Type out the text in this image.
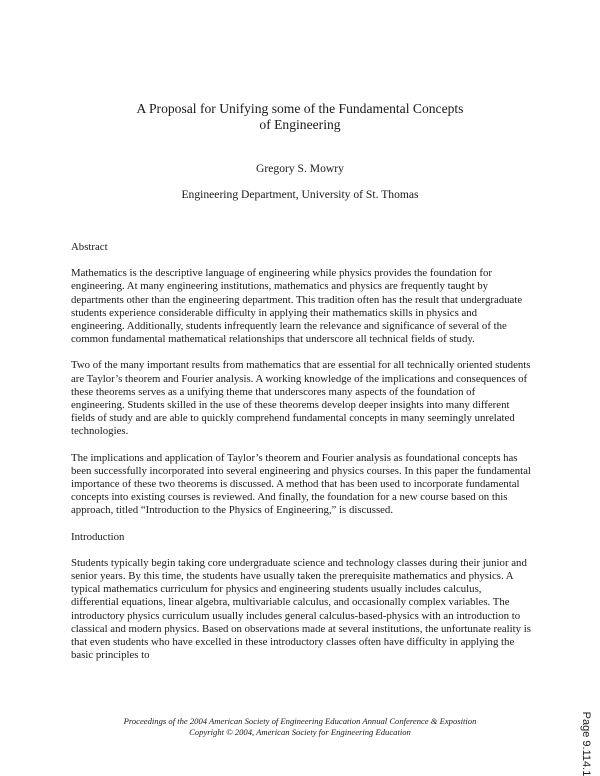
A Proposal for Unifying some of the Fundamental Concepts
of Engineering
Gregory S. Mowry
Engineering Department, University of St. Thomas
Abstract

Mathematics is the descriptive language of engineering while physics provides the foundation for engineering. At many engineering institutions, mathematics and physics are frequently taught by departments other than the engineering department. This tradition often has the result that undergraduate students experience considerable difficulty in applying their mathematics skills in physics and engineering. Additionally, students infrequently learn the relevance and significance of several of the common fundamental mathematical relationships that underscore all technical fields of study.

Two of the many important results from mathematics that are essential for all technically oriented students are Taylor’s theorem and Fourier analysis. A working knowledge of the implications and consequences of these theorems serves as a unifying theme that underscores many aspects of the foundation of engineering. Students skilled in the use of these theorems develop deeper insights into many different fields of study and are able to quickly comprehend fundamental concepts in many seemingly unrelated technologies.

The implications and application of Taylor’s theorem and Fourier analysis as foundational concepts has been successfully incorporated into several engineering and physics courses. In this paper the fundamental importance of these two theorems is discussed. A method that has been used to incorporate fundamental concepts into existing courses is reviewed. And finally, the foundation for a new course based on this approach, titled “Introduction to the Physics of Engineering,” is discussed.

Introduction

Students typically begin taking core undergraduate science and technology classes during their junior and senior years. By this time, the students have usually taken the prerequisite mathematics and physics. A typical mathematics curriculum for physics and engineering students usually includes calculus, differential equations, linear algebra, multivariable calculus, and occasionally complex variables. The introductory physics curriculum usually includes general calculus-based-physics with an introduction to classical and modern physics. Based on observations made at several institutions, the unfortunate reality is that even students who have excelled in these introductory classes often have difficulty in applying the basic principles to

Proceedings of the 2004 American Society of Engineering Education Annual Conference & Exposition
Copyright © 2004, American Society for Engineering Education	Page 9.114.1
